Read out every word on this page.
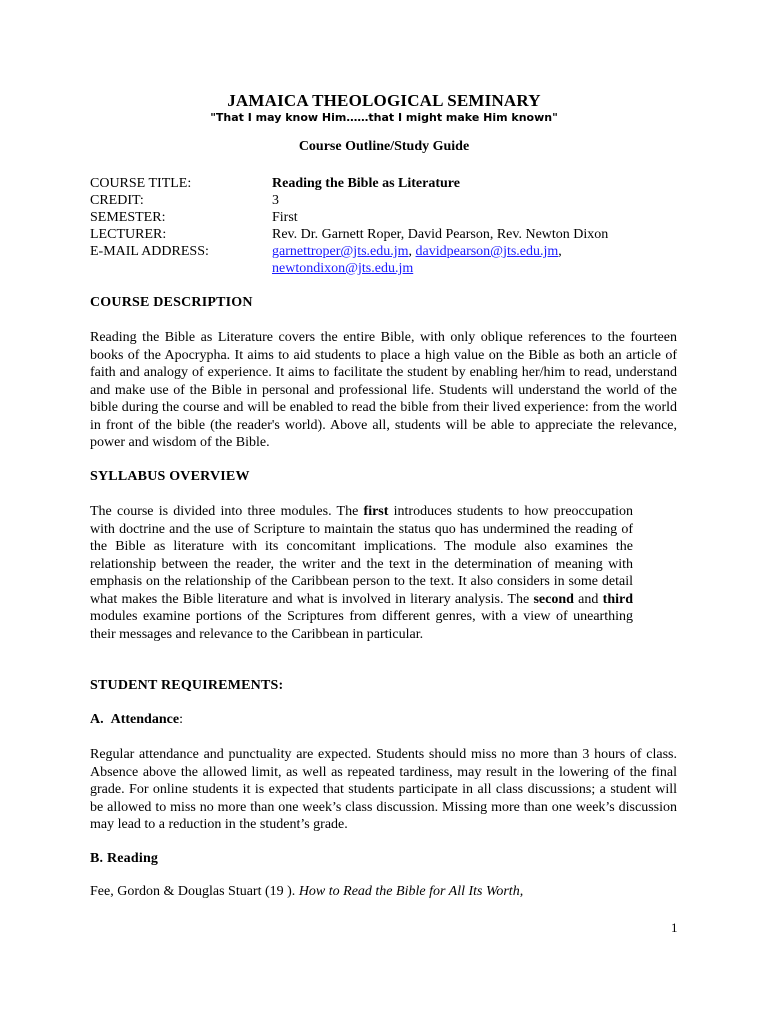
JAMAICA THEOLOGICAL SEMINARY
"That I may know Him……that I might make Him known"
Course Outline/Study Guide
COURSE TITLE:	Reading the Bible as Literature
CREDIT:	3
SEMESTER:	First
LECTURER:	Rev. Dr. Garnett Roper, David Pearson, Rev. Newton Dixon
E-MAIL ADDRESS:	garnettroper@jts.edu.jm, davidpearson@jts.edu.jm,
newtondixon@jts.edu.jm
COURSE DESCRIPTION

Reading the Bible as Literature covers the entire Bible, with only oblique references to the fourteen books of the Apocrypha. It aims to aid students to place a high value on the Bible as both an article of faith and analogy of experience. It aims to facilitate the student by enabling her/him to read, understand and make use of the Bible in personal and professional life. Students will understand the world of the bible during the course and will be enabled to read the bible from their lived experience: from the world in front of the bible (the reader's world). Above all, students will be able to appreciate the relevance, power and wisdom of the Bible.

SYLLABUS OVERVIEW

The course is divided into three modules. The first introduces students to how preoccupation with doctrine and the use of Scripture to maintain the status quo has undermined the reading of the Bible as literature with its concomitant implications. The module also examines the relationship between the reader, the writer and the text in the determination of meaning with emphasis on the relationship of the Caribbean person to the text. It also considers in some detail what makes the Bible literature and what is involved in literary analysis. The second and third modules examine portions of the Scriptures from different genres, with a view of unearthing their messages and relevance to the Caribbean in particular.

STUDENT REQUIREMENTS:
A. Attendance:

Regular attendance and punctuality are expected. Students should miss no more than 3 hours of class. Absence above the allowed limit, as well as repeated tardiness, may result in the lowering of the final grade. For online students it is expected that students participate in all class discussions; a student will be allowed to miss no more than one week’s class discussion. Missing more than one week’s discussion may lead to a reduction in the student’s grade.

B. Reading
Fee, Gordon & Douglas Stuart (19 ). How to Read the Bible for All Its Worth,
1
